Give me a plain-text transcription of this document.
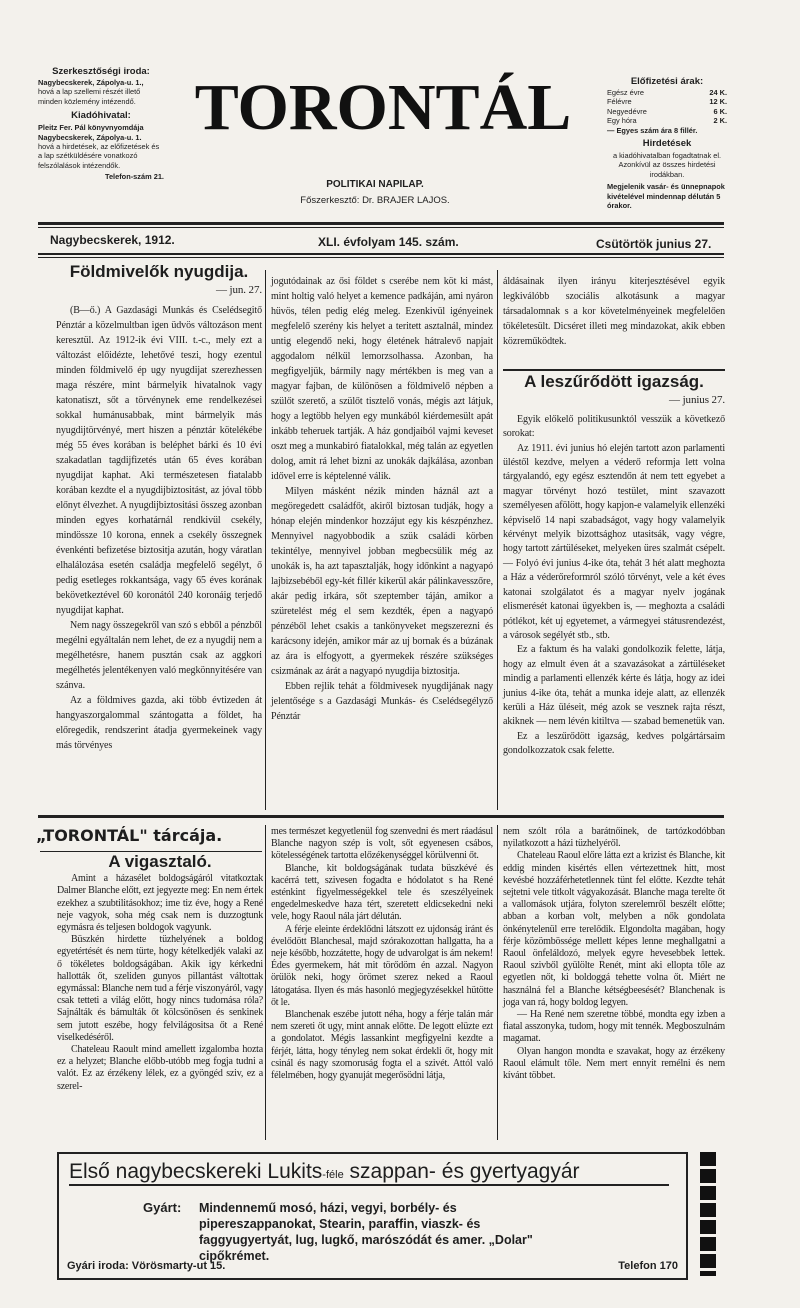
Szerkesztőségi iroda:
Nagybecskerek, Zápolya-u. 1.,
hová a lap szellemi részét illető minden közlemény intézendő.
Kiadóhivatal:
Pleitz Fer. Pál könyvnyomdája Nagybecskerek, Zápolya-u. 1.
hová a hirdetések, az előfizetések és a lap szétküldésére vonatkozó felszólalások intézendők.
Telefon-szám 21.
TORONTÁL
POLITIKAI NAPILAP.
Főszerkesztő: Dr. BRAJER LAJOS.
Előfizetési árak:
Egész évre	24 K.
Félévre	12 K.
Negyedévre	6 K.
Egy hóra	2 K.
— Egyes szám ára 8 fillér.
Hirdetések
a kiadóhivatalban fogadtatnak el. Azonkívül az összes hirdetési irodákban.
Megjelenik vasár- és ünnepnapok kivételével mindennap délután 5 órakor.
Nagybecskerek, 1912.	XLI. évfolyam 145. szám.	Csütörtök junius 27.
Földmivelők nyugdija.
— jun. 27.

(B—ő.) A Gazdasági Munkás és Cselédsegitő Pénztár a közelmultban igen üdvös változáson ment keresztül. Az 1912-ik évi VIII. t.-c., mely ezt a változást előidézte, lehetővé teszi, hogy ezentul minden földmivelő ép ugy nyugdijat szerezhessen maga részére, mint bármelyik hivatalnok vagy katonatiszt, sőt a törvénynek eme rendelkezései sokkal humánusabbak, mint bármelyik más nyugdijtörvényé, mert hiszen a pénztár kötelékébe még 55 éves korában is beléphet bárki és 10 évi szakadatlan tagdijfizetés után 65 éves korában nyugdijat kaphat. Aki természetesen fiatalabb korában kezdte el a nyugdijbiztositást, az jóval több előnyt élvezhet. A nyugdijbiztositási összeg azonban minden egyes korhatárnál rendkivül csekély, mindössze 10 korona, ennek a csekély összegnek évenkénti befizetése biztositja azután, hogy váratlan elhalálozása esetén családja megfelelő segélyt, ő pedig esetleges rokkantsága, vagy 65 éves korának bekövetkeztével 60 koronától 240 koronáig terjedő nyugdijat kaphat.

Nem nagy összegekről van szó s ebből a pénzből megélni egyáltalán nem lehet, de ez a nyugdij nem a megélhetésre, hanem pusztán csak az aggkori megélhetés jelentékenyen való megkönnyitésére van szánva.

Az a földmives gazda, aki több évtizeden át hangyaszorgalommal szántogatta a földet, ha előregedik, rendszerint átadja gyermekeinek vagy más törvényes

jogutódainak az ősi földet s cserébe nem köt ki mást, mint holtig való helyet a kemence padkáján, ami nyáron hüvös, télen pedig elég meleg. Ezenkivül igényeinek megfelelő szerény kis helyet a teritett asztalnál, mindez untig elegendő neki, hogy életének hátralevő napjait aggodalom nélkül lemorzsolhassa. Azonban, ha megfigyeljük, bármily nagy mértékben is meg van a magyar fajban, de különösen a földmivelő népben a szülőt szerető, a szülőt tisztelő vonás, mégis azt látjuk, hogy a legtöbb helyen egy munkából kiérdemesült apát inkább teheruek tartják. A ház gondjaiból vajmi keveset oszt meg a munkabiró fiatalokkal, még talán az egyetlen dolog, amit rá lehet bizni az unokák dajkálása, azonban idővel erre is képtelenné válik.

Milyen másként nézik minden háznál azt a megöregedett családfőt, akiről biztosan tudják, hogy a hónap elején mindenkor hozzájut egy kis készpénzhez. Mennyivel nagyobbodik a szük családi körben tekintélye, mennyivel jobban megbecsülik még az unokák is, ha azt tapasztalják, hogy időnkint a nagyapó lajbizsebéből egy-két fillér kikerül akár pálinkavesszőre, akár pedig irkára, sőt szeptember táján, amikor a szüretelést még el sem kezdték, épen a nagyapó pénzéből lehet csakis a tankönyveket megszerezni és karácsony idején, amikor már az uj bornak és a búzának az ára is elfogyott, a gyermekek részére szükséges csizmának az árát a nagyapó nyugdija biztositja.

Ebben rejlik tehát a földmivesek nyugdijának nagy jelentősége s a Gazdasági Munkás- és Cselédsegélyző Pénztár

áldásainak ilyen irányu kiterjesztésével egyik legkiválóbb szociális alkotásunk a magyar társadalomnak s a kor követelményeinek megfelelően tökéletesült. Dicséret illeti meg mindazokat, akik ebben közreműködtek.

A leszűrődött igazság.
— junius 27.

Egyik előkelő politikusunktól vesszük a következő sorokat:

Az 1911. évi junius hó elején tartott azon parlamenti üléstől kezdve, melyen a véderő reformja lett volna tárgyalandó, egy egész esztendőn át nem tett egyebet a magyar törvényt hozó testület, mint szavazott személyesen afölött, hogy kapjon-e valamelyik ellenzéki képviselő 14 napi szabadságot, vagy hogy valamelyik kérvényt melyik bizottsághoz utasitsák, vagy végre, hogy tartott zártüléseket, melyeken üres szalmát csépelt. — Folyó évi junius 4-ike óta, tehát 3 hét alatt meghozta a Ház a véderőreformról szóló törvényt, vele a két éves katonai szolgálatot és a magyar nyelv jogának elismerését katonai ügyekben is, — meghozta a családi pótlékot, két uj egyetemet, a vármegyei státusrendezést, a városok segélyét stb., stb.

Ez a faktum és ha valaki gondolkozik felette, látja, hogy az elmult éven át a szavazásokat a zártüléseket mindig a parlamenti ellenzék kérte és látja, hogy az idei junius 4-ike óta, tehát a munka ideje alatt, az ellenzék kerüli a Ház üléseit, még azok se vesznek rajta részt, akiknek — nem lévén kitiltva — szabad bemenetük van.

Ez a leszűrődött igazság, kedves polgártársaim gondolkozzatok csak felette.

„TORONTÁL" tárcája.
A vigasztaló.

Amint a házasélet boldogságáról vitatkoztak Dalmer Blanche előtt, ezt jegyezte meg: En nem értek ezekhez a szubtilitásokhoz; ime tiz éve, hogy a René neje vagyok, soha még csak nem is duzzogtunk egymásra és teljesen boldogok vagyunk.

Büszkén hirdette tüzhelyének a boldog egyetértését és nem türte, hogy kételkedjék valaki az ő tökéletes boldogságában. Akik igy kérkedni hallották őt, szeliden gunyos pillantást váltottak egymással: Blanche nem tud a férje viszonyáról, vagy csak tetteti a világ előtt, hogy nincs tudomása róla? Sajnálták és bámulták őt kölcsönösen és senkinek sem jutott eszébe, hogy felvilágositsa őt a René viselkedéséről.

Chateleau Raoult mind amellett izgalomba hozta ez a helyzet; Blanche előbb-utóbb meg fogja tudni a valót. Ez az érzékeny lélek, ez a gyöngéd sziv, ez a szerel-

mes természet kegyetlenül fog szenvedni és mert ráadásul Blanche nagyon szép is volt, sőt egyenesen csábos, kötelességének tartotta előzékenységgel körülvenni őt.

Blanche, kit boldogságának tudata büszkévé és kacérrá tett, szivesen fogadta e hódolatot s ha René esténkint figyelmességekkel tele és szeszélyeinek engedelmeskedve haza tért, szeretett eldicsekedni neki vele, hogy Raoul nála járt délután.

A férje eleinte érdeklődni látszott ez ujdonság iránt és évelődött Blanchesal, majd szórakozottan hallgatta, ha a neje később, hozzátette, hogy de udvarolgat is ám nekem! Édes gyermekem, hát mit törődöm én azzal. Nagyon örülök neki, hogy örömet szerez neked a Raoul látogatása. Ilyen és más hasonló megjegyzésekkel hütötte őt le.

Blanchenak eszébe jutott néha, hogy a férje talán már nem szereti őt ugy, mint annak előtte. De legott elüzte ezt a gondolatot. Mégis lassankint megfigyelni kezdte a férjét, látta, hogy tényleg nem sokat érdekli őt, hogy mit csinál és nagy szomoruság fogta el a szivét. Attól való félelmében, hogy gyanuját megerősödni látja,

nem szólt róla a barátnőinek, de tartózkodóbban nyilatkozott a házi tüzhelyéről.

Chateleau Raoul előre látta ezt a krizist és Blanche, kit eddig minden kisértés ellen vértezettnek hitt, most kevésbé hozzáférhetetlennek tünt fel előtte. Kezdte tehát sejtetni vele titkolt vágyakozását. Blanche maga terelte őt a vallomások utjára, folyton szerelemről beszélt előtte; abban a korban volt, melyben a nők gondolata önkénytelenül erre terelődik. Elgondolta magában, hogy férje közömbössége mellett képes lenne meghallgatni a Raoul önfeláldozó, melyek egyre hevesebbek lettek. Raoul szivből gyülölte Renét, mint aki ellopta tőle az egyetlen nőt, ki boldoggá tehette volna őt. Miért ne használná fel a Blanche kétségbeesését? Blanchenak is joga van rá, hogy boldog legyen.

— Ha René nem szeretne többé, mondta egy izben a fiatal asszonyka, tudom, hogy mit tennék. Megboszulnám magamat.

Olyan hangon mondta e szavakat, hogy az érzékeny Raoul elámult tőle. Nem mert ennyit remélni és nem kívánt többet.

Első nagybecskereki Lukits-féle szappan- és gyertyagyár
Gyárt: Mindennemű mosó, házi, vegyi, borbély- és pipereszappanokat, Stearin, paraffin, viaszk- és faggyugyertyát, lug, lugkő, marószódát és amer. „Dolar" cipőkrémet.
Gyári iroda: Vörösmarty-ut 15.	Telefon 170
